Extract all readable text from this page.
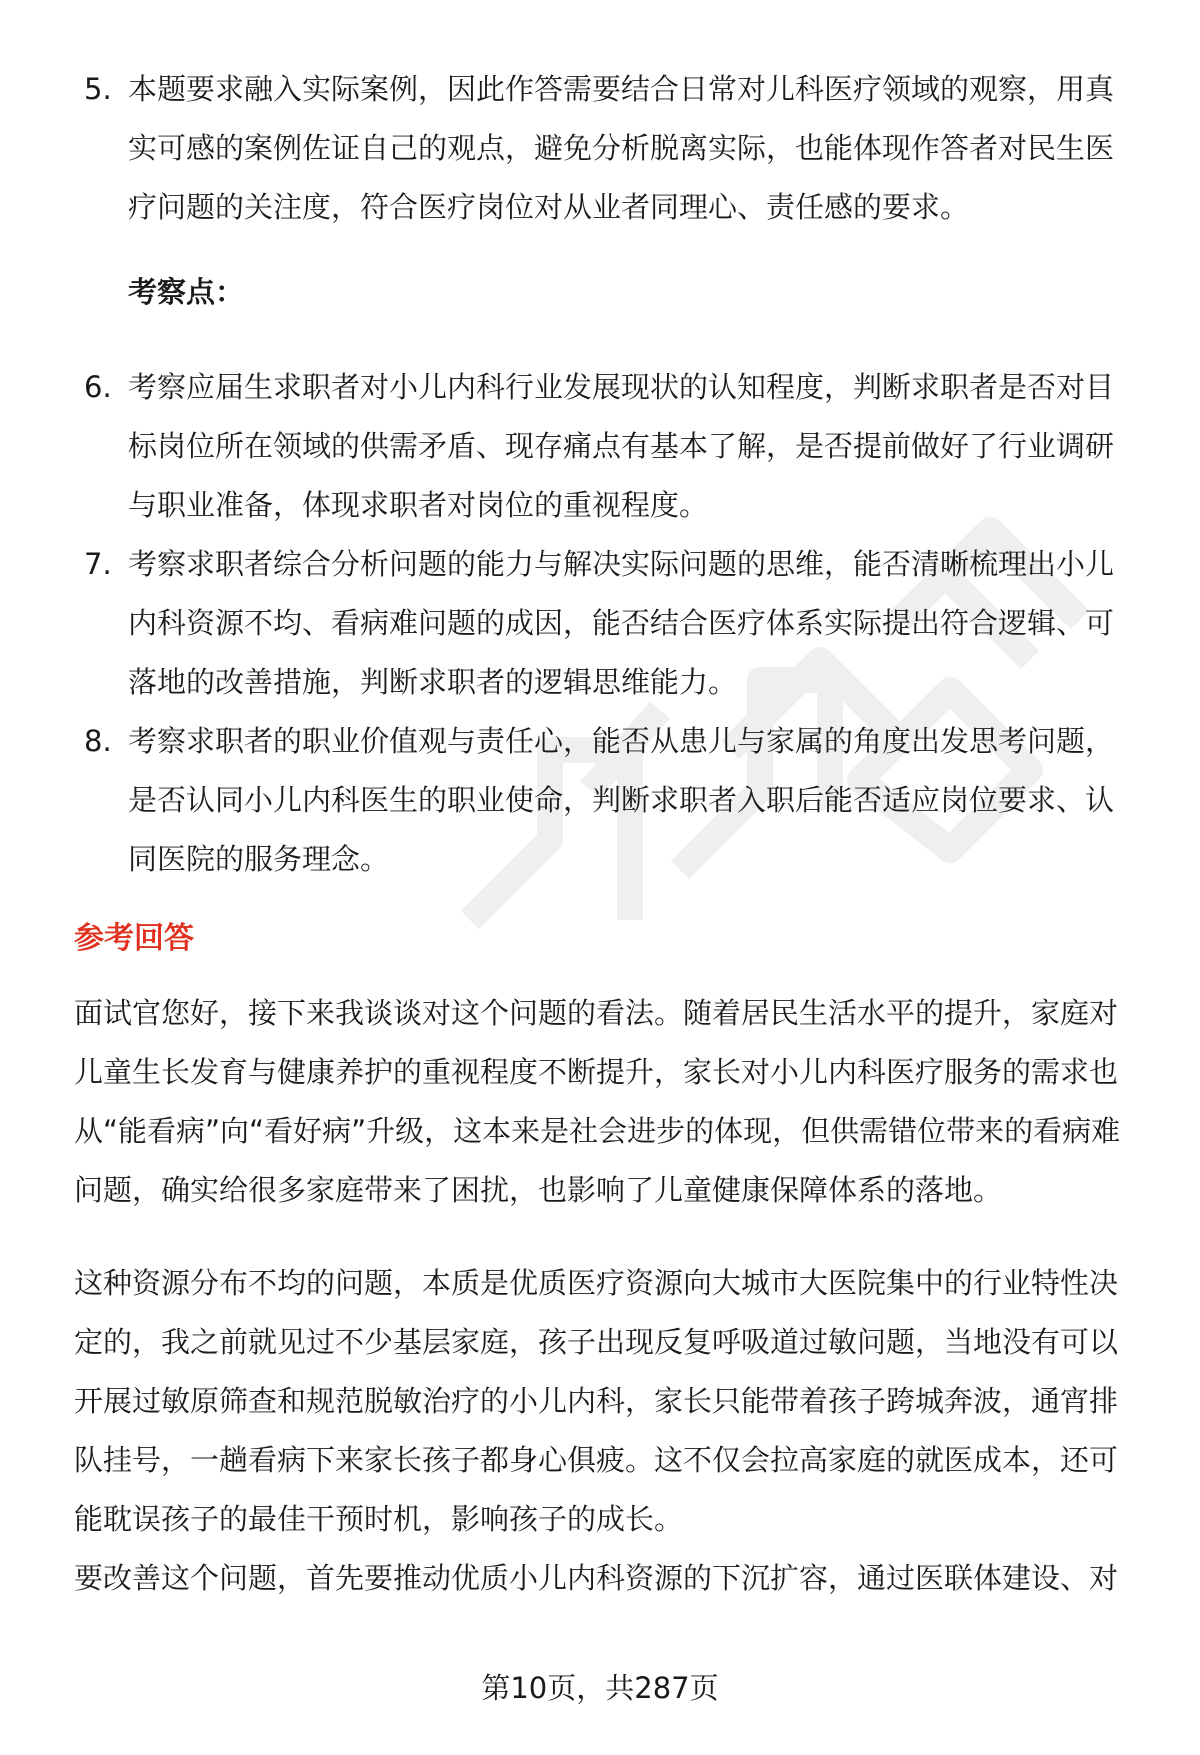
5. 本题要求融入实际案例，因此作答需要结合日常对儿科医疗领域的观察，用真实可感的案例佐证自己的观点，避免分析脱离实际，也能体现作答者对民生医疗问题的关注度，符合医疗岗位对从业者同理心、责任感的要求。

考察点：

6. 考察应届生求职者对小儿内科行业发展现状的认知程度，判断求职者是否对目标岗位所在领域的供需矛盾、现存痛点有基本了解，是否提前做好了行业调研与职业准备，体现求职者对岗位的重视程度。

7. 考察求职者综合分析问题的能力与解决实际问题的思维，能否清晰梳理出小儿内科资源不均、看病难问题的成因，能否结合医疗体系实际提出符合逻辑、可落地的改善措施，判断求职者的逻辑思维能力。

8. 考察求职者的职业价值观与责任心，能否从患儿与家属的角度出发思考问题，是否认同小儿内科医生的职业使命，判断求职者入职后能否适应岗位要求、认同医院的服务理念。

参考回答

面试官您好，接下来我谈谈对这个问题的看法。随着居民生活水平的提升，家庭对儿童生长发育与健康养护的重视程度不断提升，家长对小儿内科医疗服务的需求也从“能看病”向“看好病”升级，这本来是社会进步的体现，但供需错位带来的看病难问题，确实给很多家庭带来了困扰，也影响了儿童健康保障体系的落地。

这种资源分布不均的问题，本质是优质医疗资源向大城市大医院集中的行业特性决定的，我之前就见过不少基层家庭，孩子出现反复呼吸道过敏问题，当地没有可以开展过敏原筛查和规范脱敏治疗的小儿内科，家长只能带着孩子跨城奔波，通宵排队挂号，一趟看病下来家长孩子都身心俱疲。这不仅会拉高家庭的就医成本，还可能耽误孩子的最佳干预时机，影响孩子的成长。

要改善这个问题，首先要推动优质小儿内科资源的下沉扩容，通过医联体建设、对

第10页，共287页
